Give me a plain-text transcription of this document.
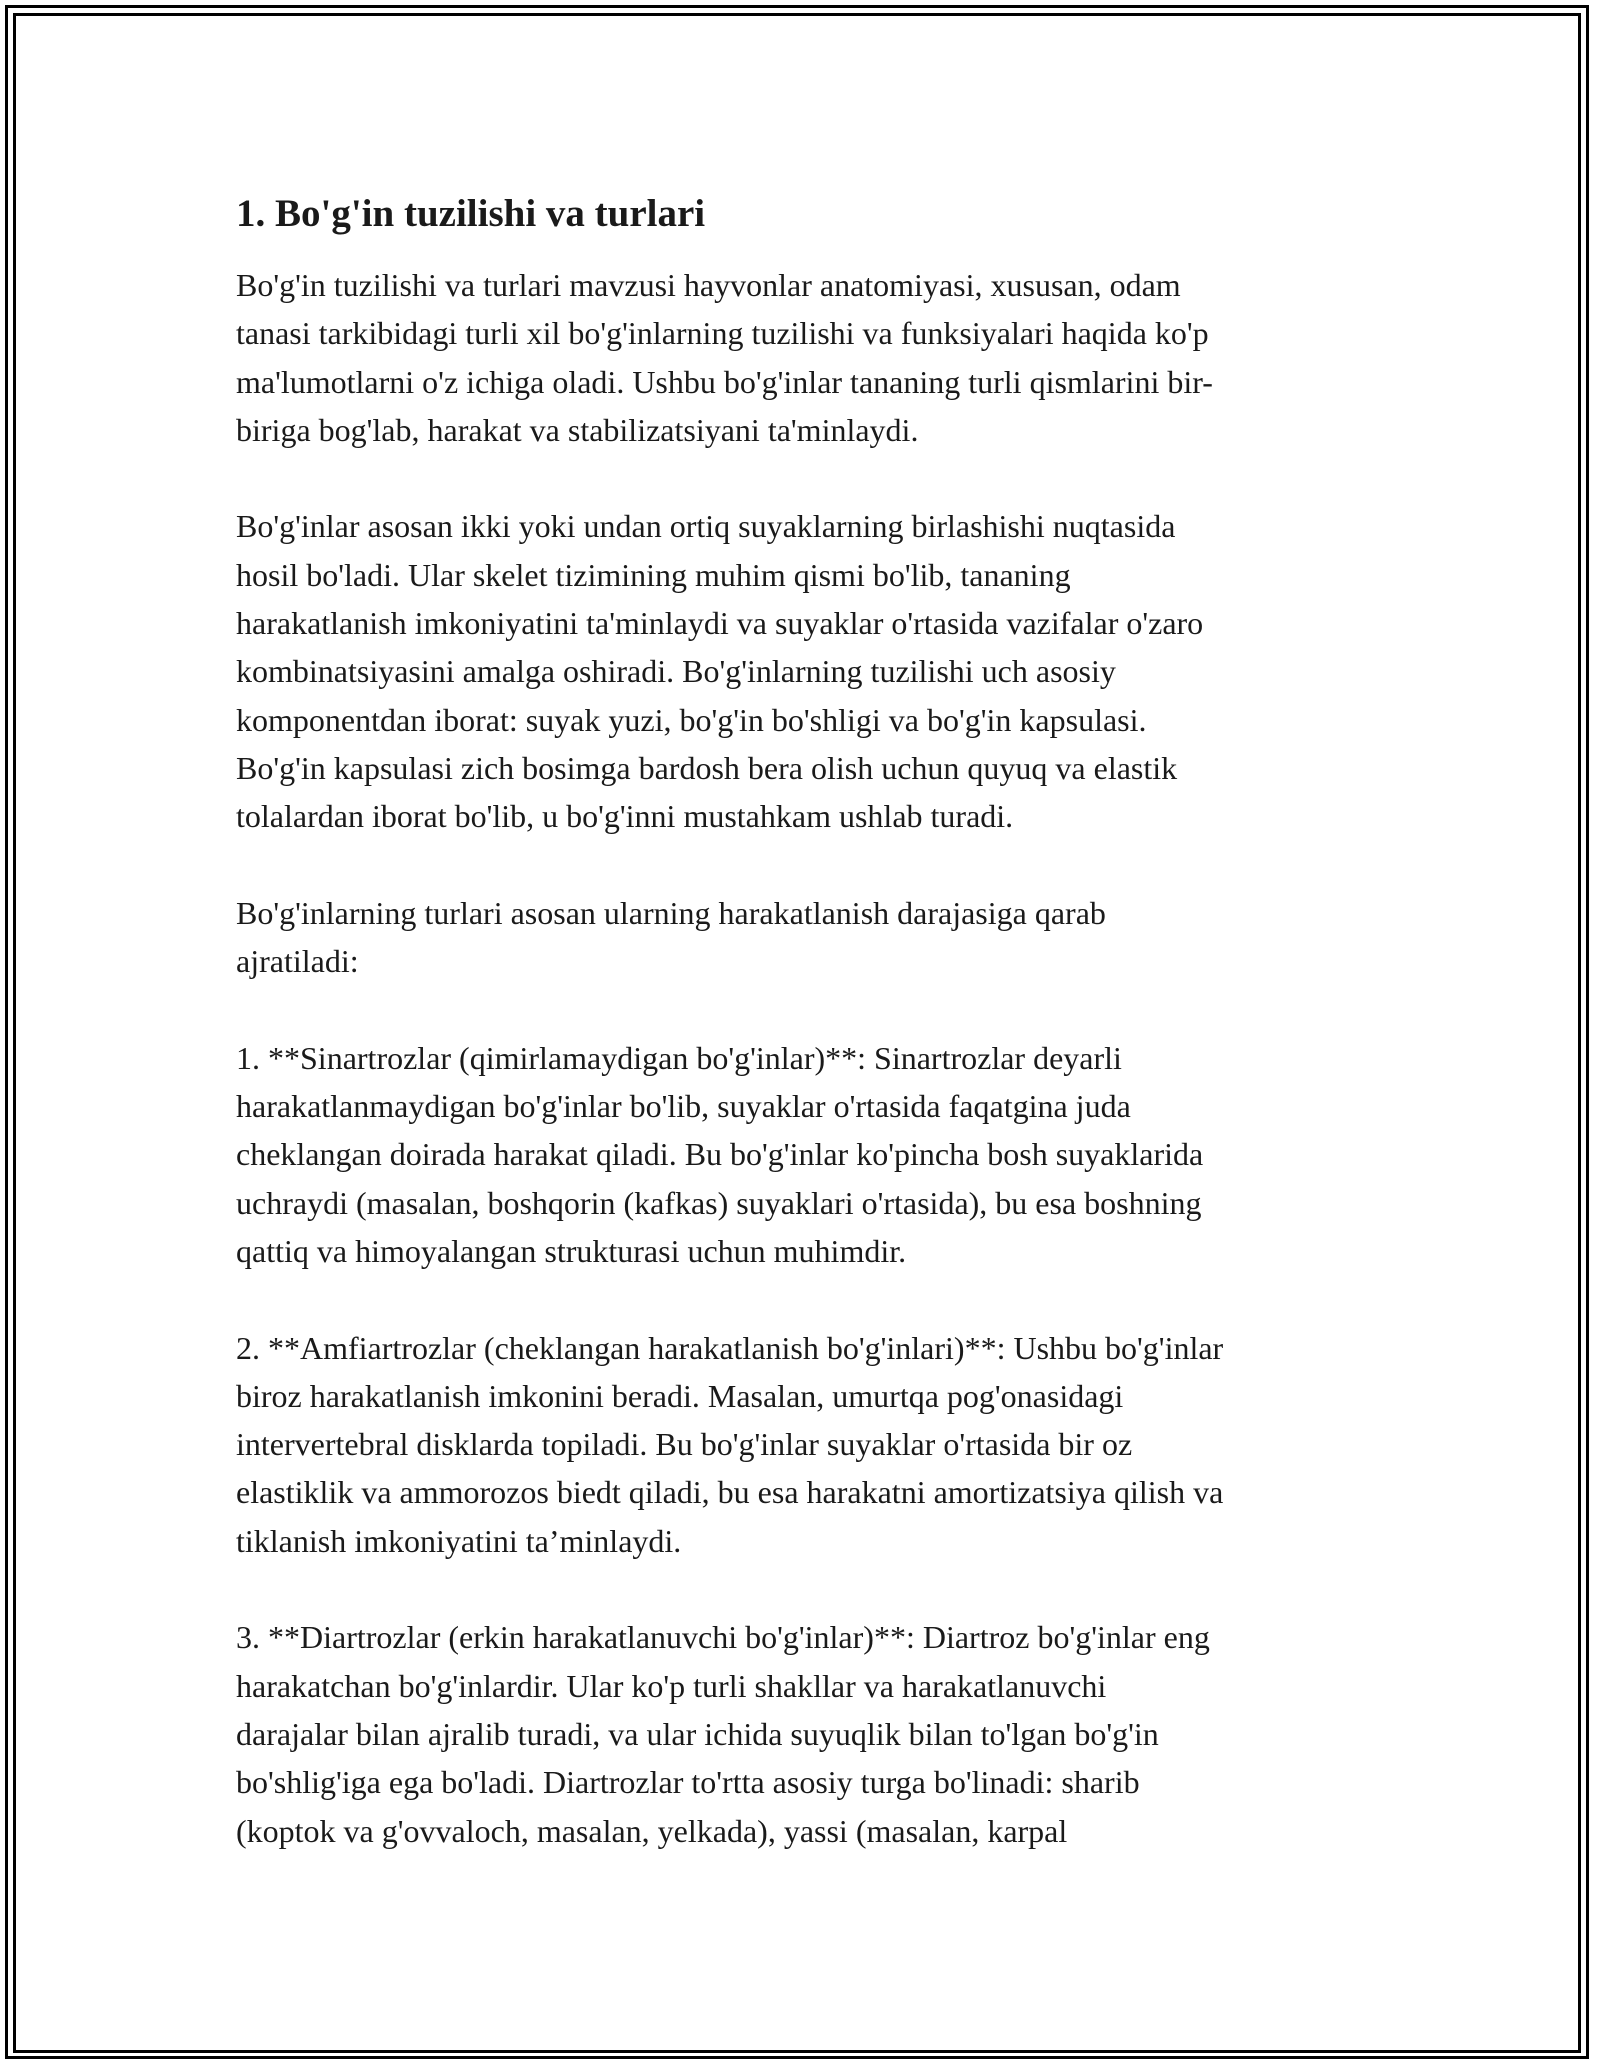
1. Bo'g'in tuzilishi va turlari

Bo'g'in tuzilishi va turlari mavzusi hayvonlar anatomiyasi, xususan, odam
tanasi tarkibidagi turli xil bo'g'inlarning tuzilishi va funksiyalari haqida ko'p
ma'lumotlarni o'z ichiga oladi. Ushbu bo'g'inlar tananing turli qismlarini bir-
biriga bog'lab, harakat va stabilizatsiyani ta'minlaydi.

Bo'g'inlar asosan ikki yoki undan ortiq suyaklarning birlashishi nuqtasida
hosil bo'ladi. Ular skelet tizimining muhim qismi bo'lib, tananing
harakatlanish imkoniyatini ta'minlaydi va suyaklar o'rtasida vazifalar o'zaro
kombinatsiyasini amalga oshiradi. Bo'g'inlarning tuzilishi uch asosiy
komponentdan iborat: suyak yuzi, bo'g'in bo'shligi va bo'g'in kapsulasi.
Bo'g'in kapsulasi zich bosimga bardosh bera olish uchun quyuq va elastik
tolalardan iborat bo'lib, u bo'g'inni mustahkam ushlab turadi.

Bo'g'inlarning turlari asosan ularning harakatlanish darajasiga qarab
ajratiladi:

1. **Sinartrozlar (qimirlamaydigan bo'g'inlar)**: Sinartrozlar deyarli
harakatlanmaydigan bo'g'inlar bo'lib, suyaklar o'rtasida faqatgina juda
cheklangan doirada harakat qiladi. Bu bo'g'inlar ko'pincha bosh suyaklarida
uchraydi (masalan, boshqorin (kafkas) suyaklari o'rtasida), bu esa boshning
qattiq va himoyalangan strukturasi uchun muhimdir.

2. **Amfiartrozlar (cheklangan harakatlanish bo'g'inlari)**: Ushbu bo'g'inlar
biroz harakatlanish imkonini beradi. Masalan, umurtqa pog'onasidagi
intervertebral disklarda topiladi. Bu bo'g'inlar suyaklar o'rtasida bir oz
elastiklik va ammorozos biedt qiladi, bu esa harakatni amortizatsiya qilish va
tiklanish imkoniyatini ta’minlaydi.

3. **Diartrozlar (erkin harakatlanuvchi bo'g'inlar)**: Diartroz bo'g'inlar eng
harakatchan bo'g'inlardir. Ular ko'p turli shakllar va harakatlanuvchi
darajalar bilan ajralib turadi, va ular ichida suyuqlik bilan to'lgan bo'g'in
bo'shlig'iga ega bo'ladi. Diartrozlar to'rtta asosiy turga bo'linadi: sharib
(koptok va g'ovvaloch, masalan, yelkada), yassi (masalan, karpal
